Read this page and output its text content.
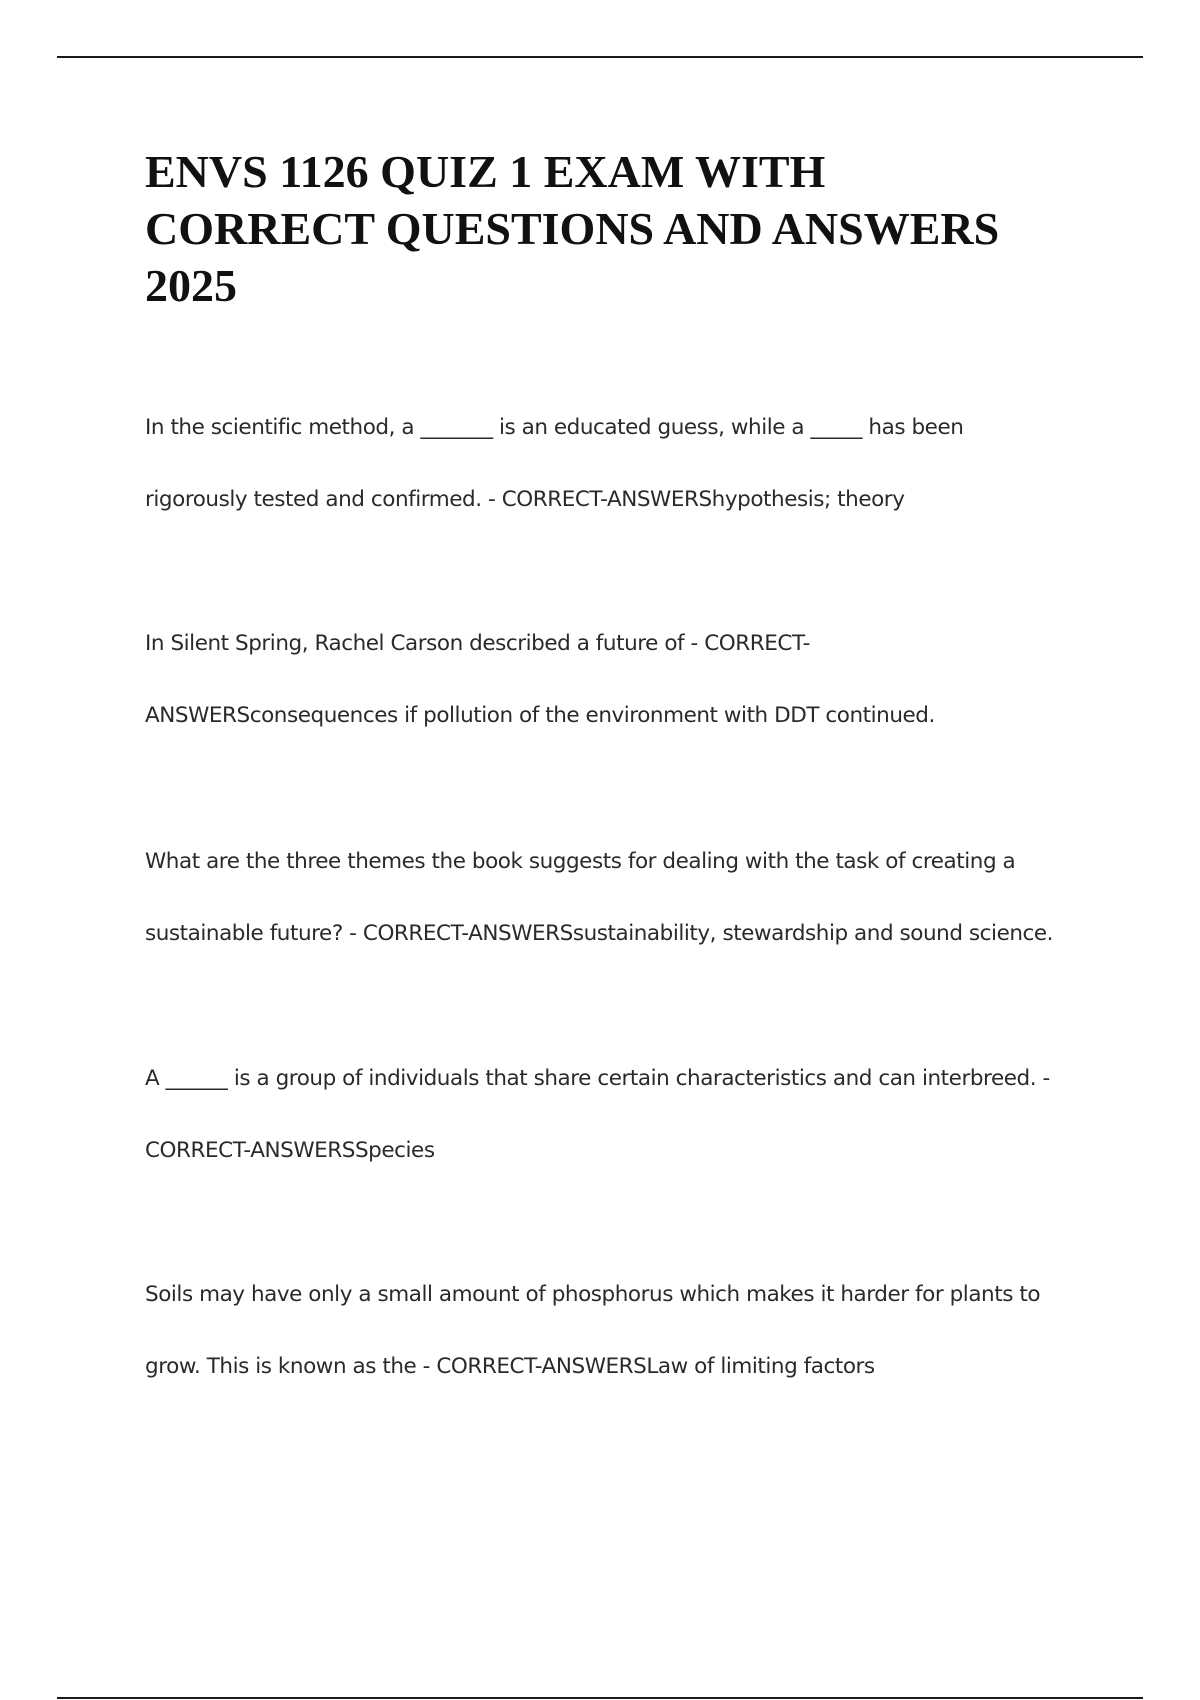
ENVS 1126 QUIZ 1 EXAM WITH
CORRECT QUESTIONS AND ANSWERS
2025

In the scientific method, a _______ is an educated guess, while a _____ has been
rigorously tested and confirmed. - CORRECT-ANSWERShypothesis; theory

In Silent Spring, Rachel Carson described a future of - CORRECT-
ANSWERSconsequences if pollution of the environment with DDT continued.

What are the three themes the book suggests for dealing with the task of creating a
sustainable future? - CORRECT-ANSWERSsustainability, stewardship and sound science.

A ______ is a group of individuals that share certain characteristics and can interbreed. -
CORRECT-ANSWERSSpecies

Soils may have only a small amount of phosphorus which makes it harder for plants to
grow. This is known as the - CORRECT-ANSWERSLaw of limiting factors
